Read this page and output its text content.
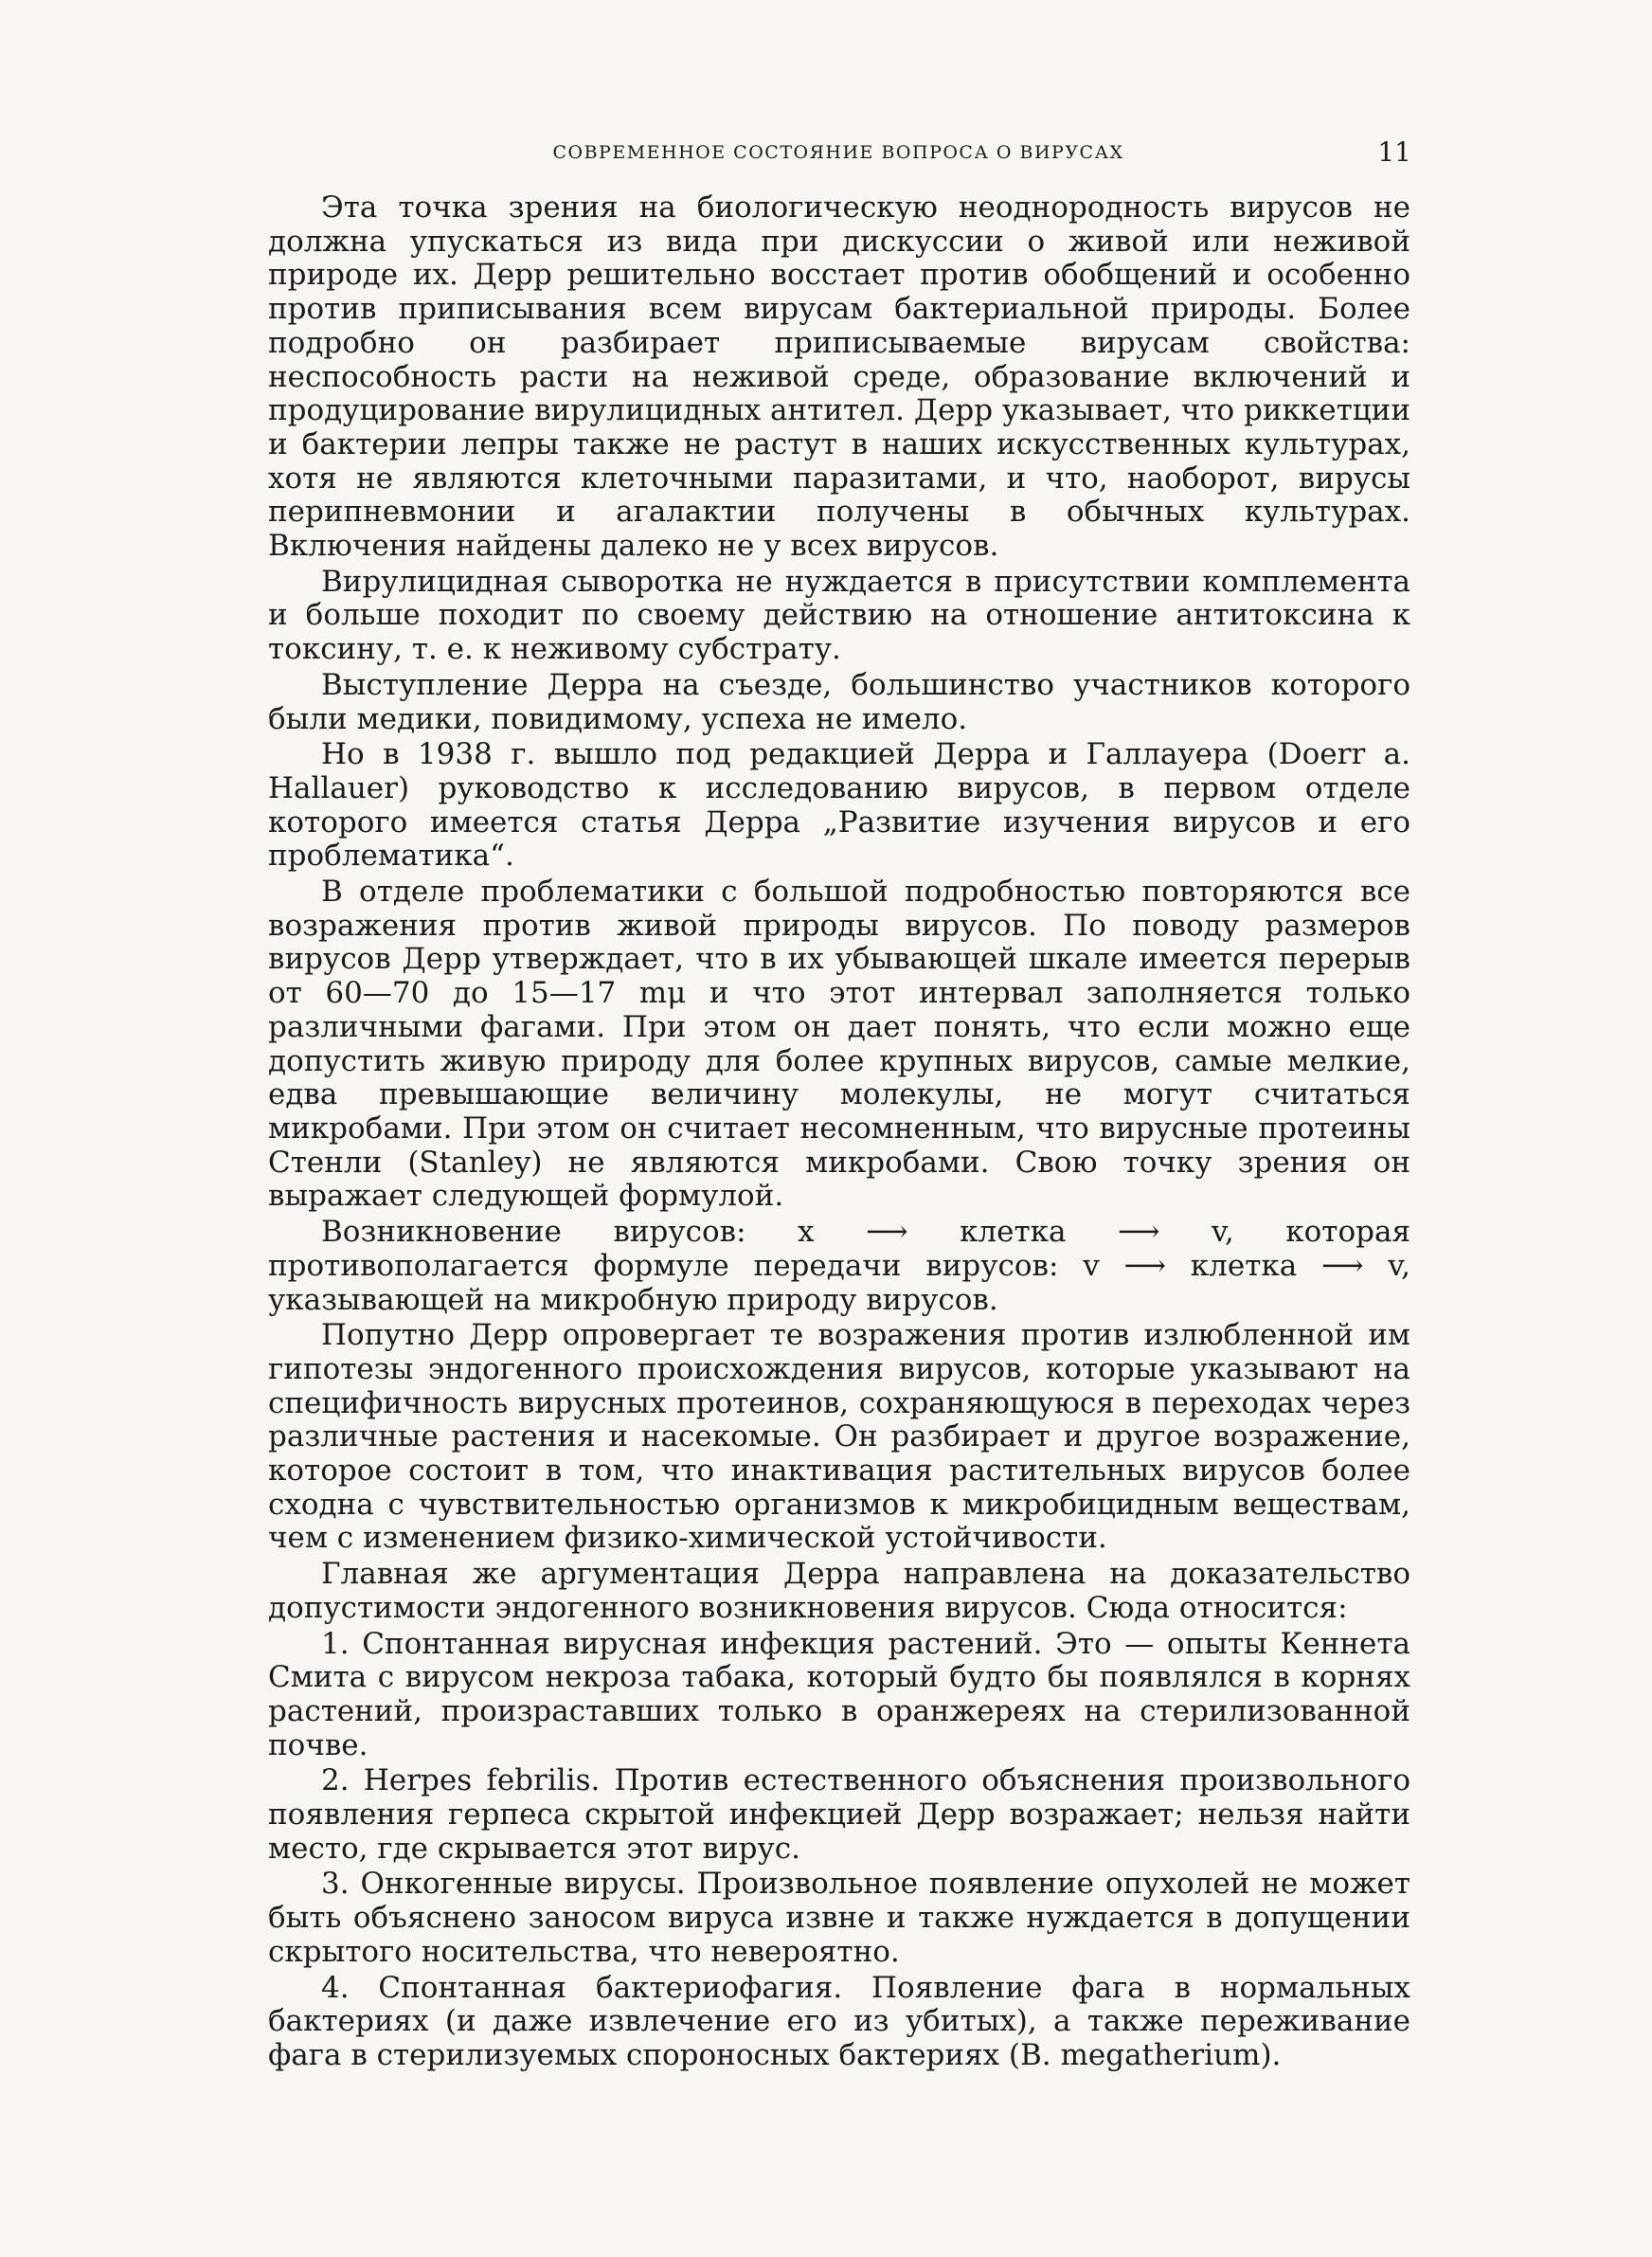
СОВРЕМЕННОЕ СОСТОЯНИЕ ВОПРОСА О ВИРУСАХ	11

Эта точка зрения на биологическую неоднородность вирусов не должна упускаться из вида при дискуссии о живой или неживой природе их. Дерр решительно восстает против обобщений и особенно против приписывания всем вирусам бактериальной природы. Более подробно он разбирает приписываемые вирусам свойства: неспособность расти на неживой среде, образование включений и продуцирование вирулицидных антител. Дерр указывает, что риккетции и бактерии лепры также не растут в наших искусственных культурах, хотя не являются клеточными паразитами, и что, наоборот, вирусы перипневмонии и агалактии получены в обычных культурах. Включения найдены далеко не у всех вирусов.

Вирулицидная сыворотка не нуждается в присутствии комплемента и больше походит по своему действию на отношение антитоксина к токсину, т. е. к неживому субстрату.

Выступление Дерра на съезде, большинство участников которого были медики, повидимому, успеха не имело.

Но в 1938 г. вышло под редакцией Дерра и Галлауера (Doerr a. Hallauer) руководство к исследованию вирусов, в первом отделе которого имеется статья Дерра „Развитие изучения вирусов и его проблематика“.

В отделе проблематики с большой подробностью повторяются все возражения против живой природы вирусов. По поводу размеров вирусов Дерр утверждает, что в их убывающей шкале имеется перерыв от 60—70 до 15—17 mμ и что этот интервал заполняется только различными фагами. При этом он дает понять, что если можно еще допустить живую природу для более крупных вирусов, самые мелкие, едва превышающие величину молекулы, не могут считаться микробами. При этом он считает несомненным, что вирусные протеины Стенли (Stanley) не являются микробами. Свою точку зрения он выражает следующей формулой.

Возникновение вирусов: x ⟶ клетка ⟶ v, которая противополагается формуле передачи вирусов: v ⟶ клетка ⟶ v, указывающей на микробную природу вирусов.

Попутно Дерр опровергает те возражения против излюбленной им гипотезы эндогенного происхождения вирусов, которые указывают на специфичность вирусных протеинов, сохраняющуюся в переходах через различные растения и насекомые. Он разбирает и другое возражение, которое состоит в том, что инактивация растительных вирусов более сходна с чувствительностью организмов к микробицидным веществам, чем с изменением физико-химической устойчивости.

Главная же аргументация Дерра направлена на доказательство допустимости эндогенного возникновения вирусов. Сюда относится:

1. Спонтанная вирусная инфекция растений. Это — опыты Кеннета Смита с вирусом некроза табака, который будто бы появлялся в корнях растений, произраставших только в оранжереях на стерилизованной почве.

2. Herpes febrilis. Против естественного объяснения произвольного появления герпеса скрытой инфекцией Дерр возражает; нельзя найти место, где скрывается этот вирус.

3. Онкогенные вирусы. Произвольное появление опухолей не может быть объяснено заносом вируса извне и также нуждается в допущении скрытого носительства, что невероятно.

4. Спонтанная бактериофагия. Появление фага в нормальных бактериях (и даже извлечение его из убитых), а также переживание фага в стерилизуемых спороносных бактериях (B. megatherium).
